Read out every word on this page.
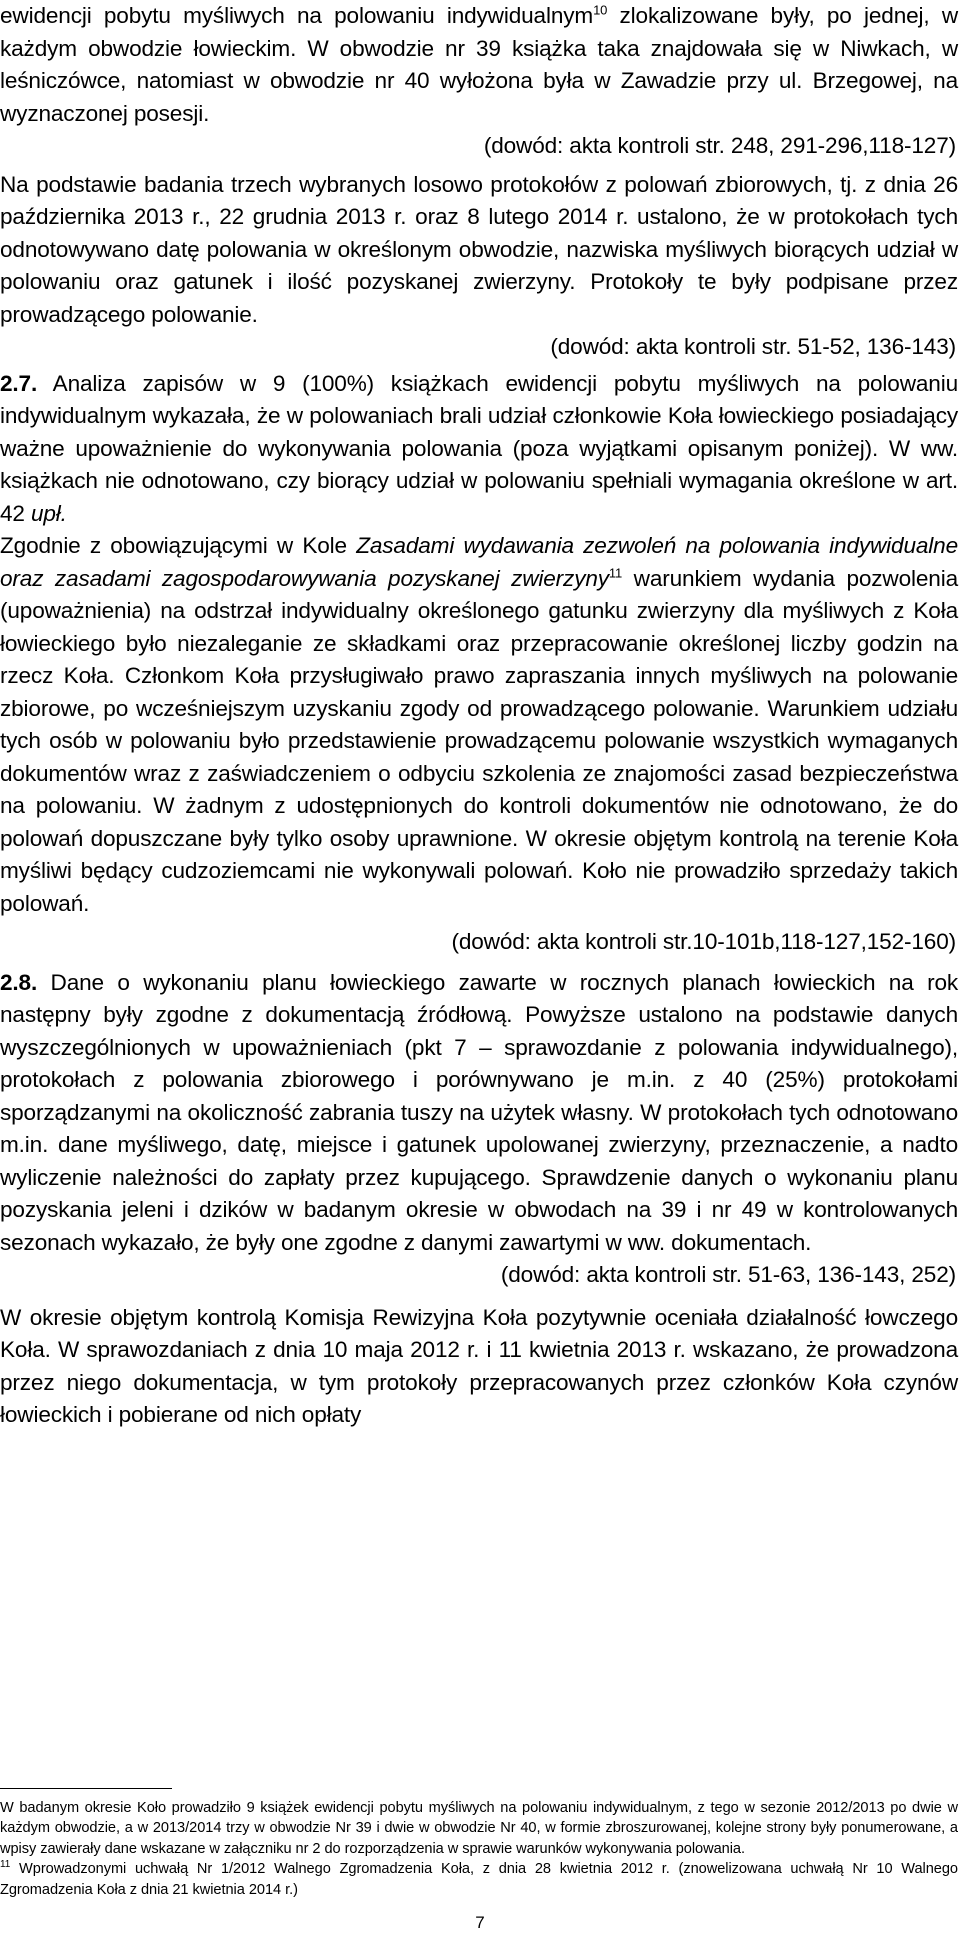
ewidencji pobytu myśliwych na polowaniu indywidualnym$^{10}$ zlokalizowane były, po jednej, w każdym obwodzie łowieckim. W obwodzie nr 39 książka taka znajdowała się w Niwkach, w leśniczówce, natomiast w obwodzie nr 40 wyłożona była w Zawadzie przy ul. Brzegowej, na wyznaczonej posesji.

(dowód: akta kontroli str. 248, 291-296,118-127)

Na podstawie badania trzech wybranych losowo protokołów z polowań zbiorowych, tj. z dnia 26 października 2013 r., 22 grudnia 2013 r. oraz 8 lutego 2014 r. ustalono, że w protokołach tych odnotowywano datę polowania w określonym obwodzie, nazwiska myśliwych biorących udział w polowaniu oraz gatunek i ilość pozyskanej zwierzyny. Protokoły te były podpisane przez prowadzącego polowanie.

(dowód: akta kontroli str. 51-52, 136-143)

2.7. Analiza zapisów w 9 (100%) książkach ewidencji pobytu myśliwych na polowaniu indywidualnym wykazała, że w polowaniach brali udział członkowie Koła łowieckiego posiadający ważne upoważnienie do wykonywania polowania (poza wyjątkami opisanym poniżej). W ww. książkach nie odnotowano, czy biorący udział w polowaniu spełniali wymagania określone w art. 42 upł.

Zgodnie z obowiązującymi w Kole Zasadami wydawania zezwoleń na polowania indywidualne oraz zasadami zagospodarowywania pozyskanej zwierzyny$^{11}$ warunkiem wydania pozwolenia (upoważnienia) na odstrzał indywidualny określonego gatunku zwierzyny dla myśliwych z Koła łowieckiego było niezaleganie ze składkami oraz przepracowanie określonej liczby godzin na rzecz Koła. Członkom Koła przysługiwało prawo zapraszania innych myśliwych na polowanie zbiorowe, po wcześniejszym uzyskaniu zgody od prowadzącego polowanie. Warunkiem udziału tych osób w polowaniu było przedstawienie prowadzącemu polowanie wszystkich wymaganych dokumentów wraz z zaświadczeniem o odbyciu szkolenia ze znajomości zasad bezpieczeństwa na polowaniu. W żadnym z udostępnionych do kontroli dokumentów nie odnotowano, że do polowań dopuszczane były tylko osoby uprawnione. W okresie objętym kontrolą na terenie Koła myśliwi będący cudzoziemcami nie wykonywali polowań. Koło nie prowadziło sprzedaży takich polowań.

(dowód: akta kontroli str.10-101b,118-127,152-160)

2.8. Dane o wykonaniu planu łowieckiego zawarte w rocznych planach łowieckich na rok następny były zgodne z dokumentacją źródłową. Powyższe ustalono na podstawie danych wyszczególnionych w upoważnieniach (pkt 7 – sprawozdanie z polowania indywidualnego), protokołach z polowania zbiorowego i porównywano je m.in. z 40 (25%) protokołami sporządzanymi na okoliczność zabrania tuszy na użytek własny. W protokołach tych odnotowano m.in. dane myśliwego, datę, miejsce i gatunek upolowanej zwierzyny, przeznaczenie, a nadto wyliczenie należności do zapłaty przez kupującego. Sprawdzenie danych o wykonaniu planu pozyskania jeleni i dzików w badanym okresie w obwodach na 39 i nr 49 w kontrolowanych sezonach wykazało, że były one zgodne z danymi zawartymi w ww. dokumentach.

(dowód: akta kontroli str. 51-63, 136-143, 252)

W okresie objętym kontrolą Komisja Rewizyjna Koła pozytywnie oceniała działalność łowczego Koła. W sprawozdaniach z dnia 10 maja 2012 r. i 11 kwietnia 2013 r. wskazano, że prowadzona przez niego dokumentacja, w tym protokoły przepracowanych przez członków Koła czynów łowieckich i pobierane od nich opłaty

W badanym okresie Koło prowadziło 9 książek ewidencji pobytu myśliwych na polowaniu indywidualnym, z tego w sezonie 2012/2013 po dwie w każdym obwodzie, a w 2013/2014 trzy w obwodzie Nr 39 i dwie w obwodzie Nr 40, w formie zbroszurowanej, kolejne strony były ponumerowane, a wpisy zawierały dane wskazane w załączniku nr 2 do rozporządzenia w sprawie warunków wykonywania polowania.

$^{11}$ Wprowadzonymi uchwałą Nr 1/2012 Walnego Zgromadzenia Koła, z dnia 28 kwietnia 2012 r. (znowelizowana uchwałą Nr 10 Walnego Zgromadzenia Koła z dnia 21 kwietnia 2014 r.)

7
